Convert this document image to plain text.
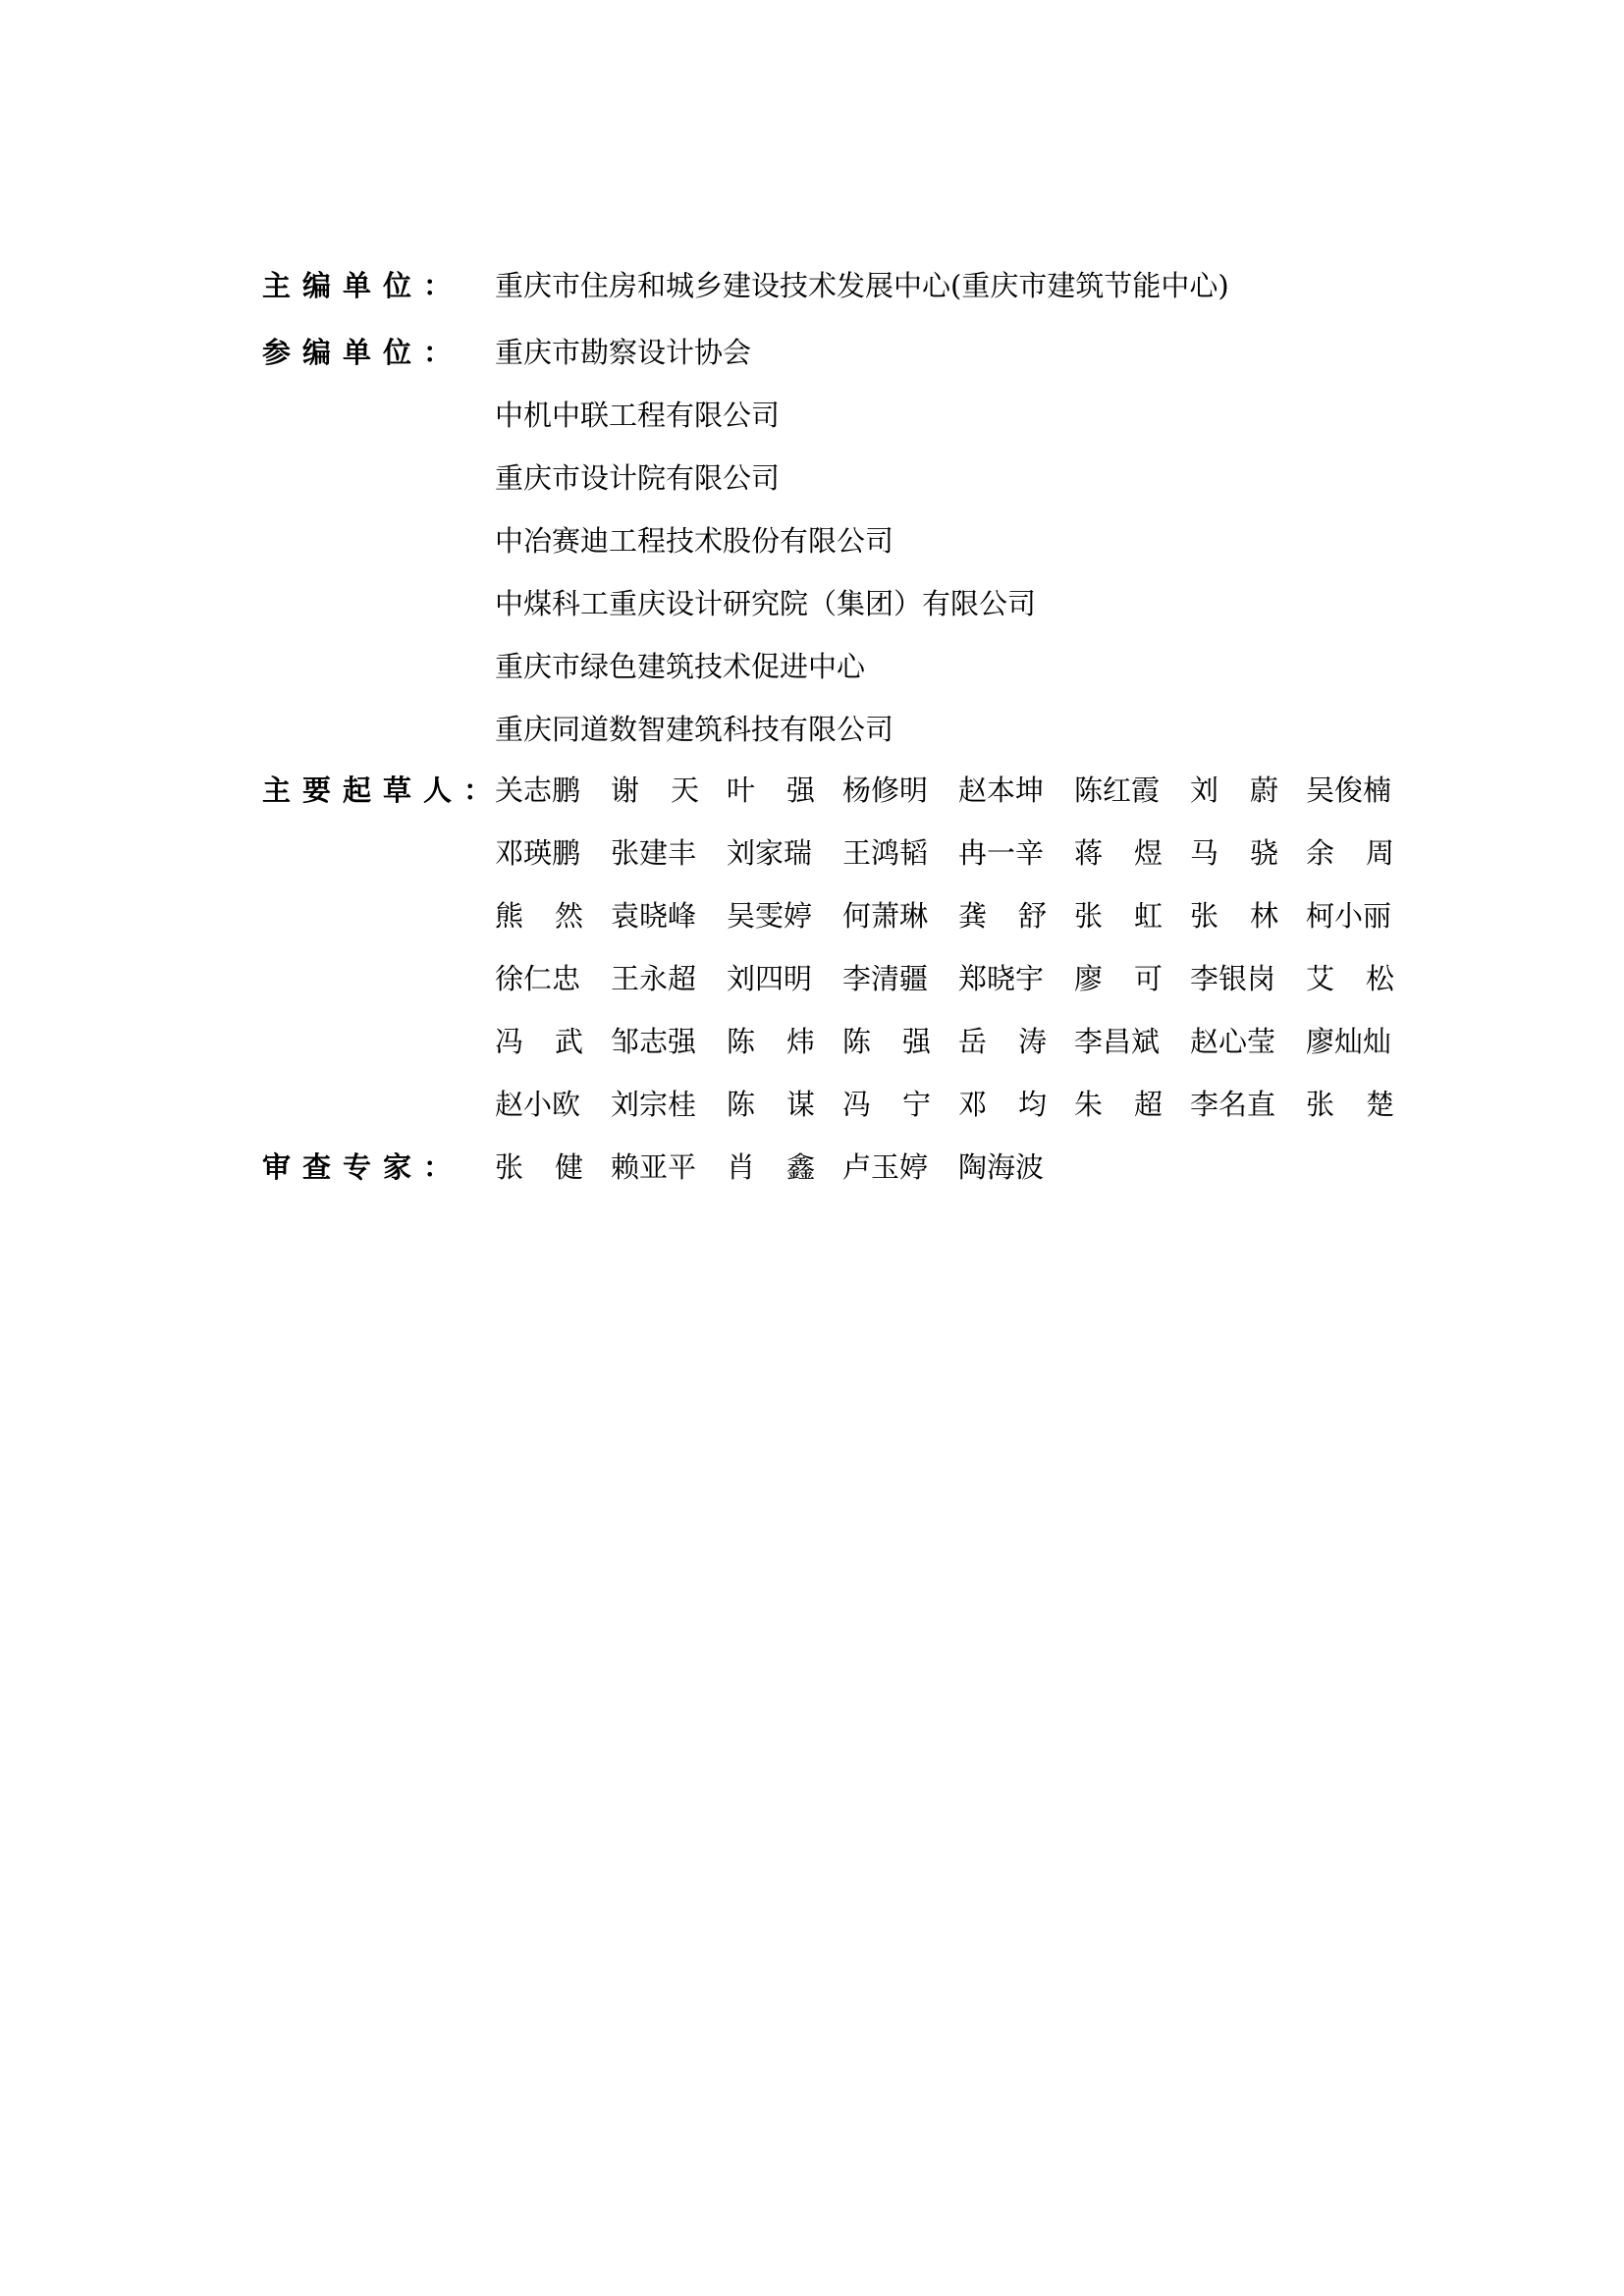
主编单位： 重庆市住房和城乡建设技术发展中心(重庆市建筑节能中心)
参编单位： 重庆市勘察设计协会
中机中联工程有限公司
重庆市设计院有限公司
中冶赛迪工程技术股份有限公司
中煤科工重庆设计研究院（集团）有限公司
重庆市绿色建筑技术促进中心
重庆同道数智建筑科技有限公司
主要起草人：
关志鹏 谢 天 叶 强 杨修明 赵本坤 陈红霞 刘 蔚 吴俊楠
邓瑛鹏 张建丰 刘家瑞 王鸿韬 冉一辛 蒋 煜 马 骁 余 周
熊 然 袁晓峰 吴雯婷 何萧琳 龚 舒 张 虹 张 林 柯小丽
徐仁忠 王永超 刘四明 李清疆 郑晓宇 廖 可 李银岗 艾 松
冯 武 邹志强 陈 炜 陈 强 岳 涛 李昌斌 赵心莹 廖灿灿
赵小欧 刘宗桂 陈 谋 冯 宁 邓 均 朱 超 李名直 张 楚
审查专家： 张 健 赖亚平 肖 鑫 卢玉婷 陶海波
